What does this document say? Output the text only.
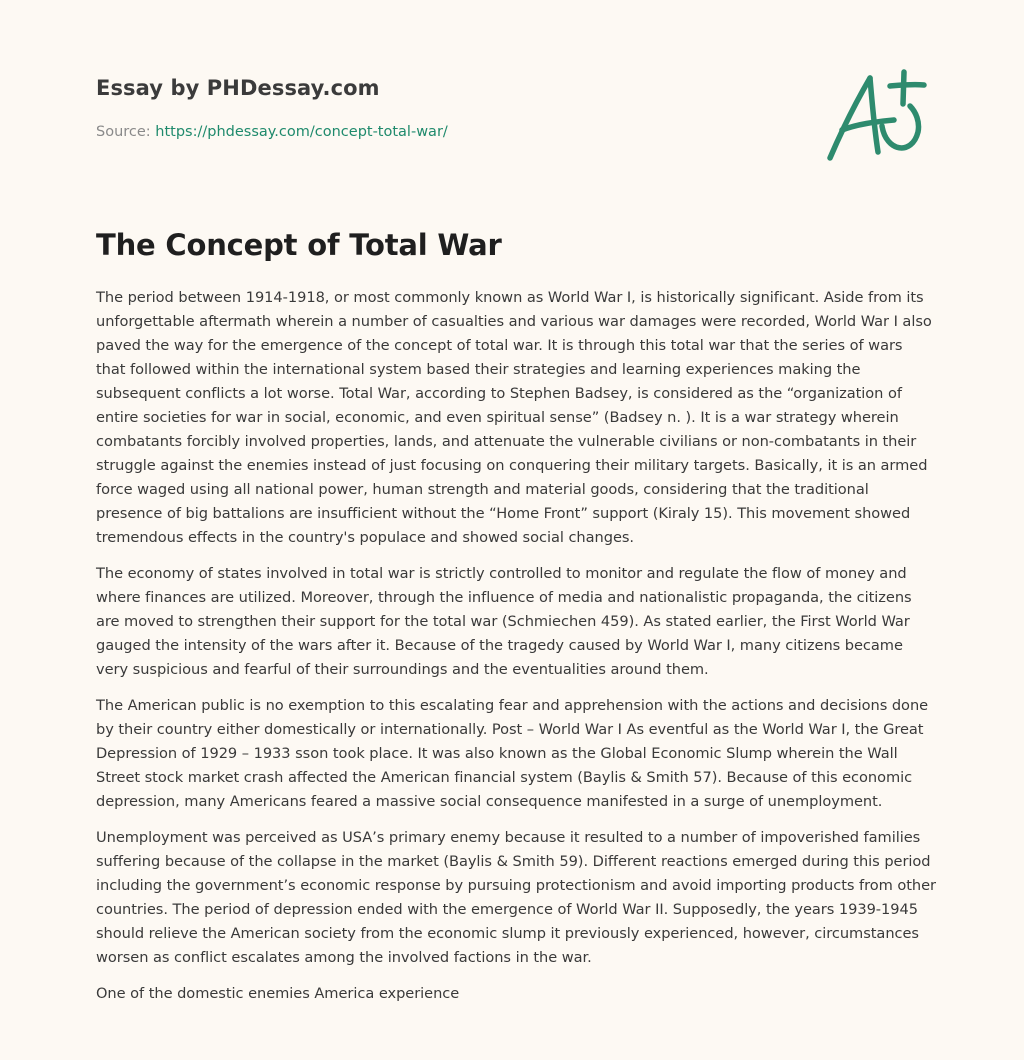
Essay by PHDessay.com

Source: https://phdessay.com/concept-total-war/

The Concept of Total War

The period between 1914-1918, or most commonly known as World War I, is historically significant. Aside from its unforgettable aftermath wherein a number of casualties and various war damages were recorded, World War I also paved the way for the emergence of the concept of total war. It is through this total war that the series of wars that followed within the international system based their strategies and learning experiences making the subsequent conflicts a lot worse. Total War, according to Stephen Badsey, is considered as the “organization of entire societies for war in social, economic, and even spiritual sense” (Badsey n. ). It is a war strategy wherein combatants forcibly involved properties, lands, and attenuate the vulnerable civilians or non-combatants in their struggle against the enemies instead of just focusing on conquering their military targets. Basically, it is an armed force waged using all national power, human strength and material goods, considering that the traditional presence of big battalions are insufficient without the “Home Front” support (Kiraly 15). This movement showed tremendous effects in the country's populace and showed social changes.

The economy of states involved in total war is strictly controlled to monitor and regulate the flow of money and where finances are utilized. Moreover, through the influence of media and nationalistic propaganda, the citizens are moved to strengthen their support for the total war (Schmiechen 459). As stated earlier, the First World War gauged the intensity of the wars after it. Because of the tragedy caused by World War I, many citizens became very suspicious and fearful of their surroundings and the eventualities around them.

The American public is no exemption to this escalating fear and apprehension with the actions and decisions done by their country either domestically or internationally. Post – World War I As eventful as the World War I, the Great Depression of 1929 – 1933 sson took place. It was also known as the Global Economic Slump wherein the Wall Street stock market crash affected the American financial system (Baylis & Smith 57). Because of this economic depression, many Americans feared a massive social consequence manifested in a surge of unemployment.

Unemployment was perceived as USA’s primary enemy because it resulted to a number of impoverished families suffering because of the collapse in the market (Baylis & Smith 59). Different reactions emerged during this period including the government’s economic response by pursuing protectionism and avoid importing products from other countries. The period of depression ended with the emergence of World War II. Supposedly, the years 1939-1945 should relieve the American society from the economic slump it previously experienced, however, circumstances worsen as conflict escalates among the involved factions in the war.

One of the domestic enemies America experience
